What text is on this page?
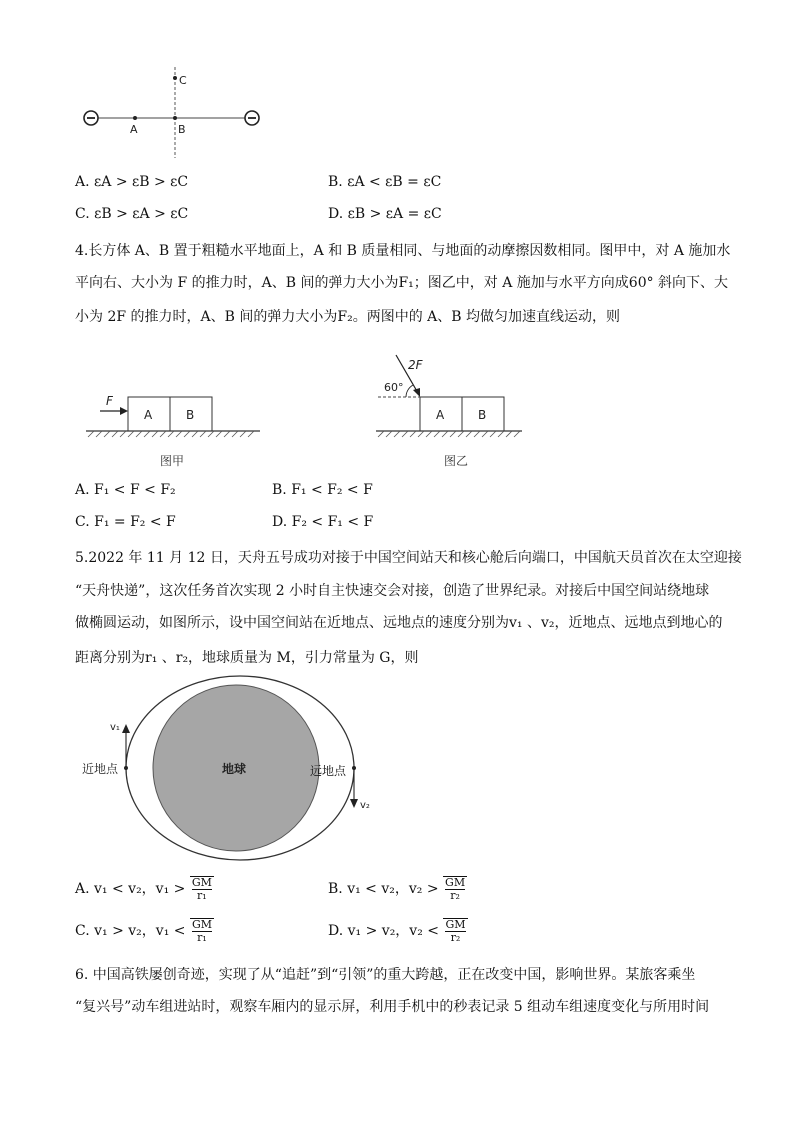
C
A	B
A. εA > εB > εC	B. εA < εB = εC
C. εB > εA > εC	D. εB > εA = εC
4.长方体 A、B 置于粗糙水平地面上，A 和 B 质量相同、与地面的动摩擦因数相同。图甲中，对 A 施加水
平向右、大小为 F 的推力时，A、B 间的弹力大小为F₁；图乙中，对 A 施加与水平方向成60° 斜向下、大
小为 2F 的推力时，A、B 间的弹力大小为F₂。两图中的 A、B 均做匀加速直线运动，则
A	B
F
图甲
A	B
2F
60°
图乙
A. F₁ < F < F₂	B. F₁ < F₂ < F
C. F₁ = F₂ < F	D. F₂ < F₁ < F
5.2022 年 11 月 12 日，天舟五号成功对接于中国空间站天和核心舱后向端口，中国航天员首次在太空迎接
“天舟快递”，这次任务首次实现 2 小时自主快速交会对接，创造了世界纪录。对接后中国空间站绕地球
做椭圆运动，如图所示，设中国空间站在近地点、远地点的速度分别为v₁ 、v₂，近地点、远地点到地心的
距离分别为r₁ 、r₂，地球质量为 M，引力常量为 G，则
地球
v₁
v₂
近地点	远地点
A. v₁ < v₂，$v_1 > \frac{GM}{\text{r₁}}$	B. v₁ < v₂，$v_2 > \frac{GM}{\text{r₂}}$
C. v₁ > v₂，$v_1 < \frac{GM}{\text{r₁}}$	D. v₁ > v₂，$v_2 < \frac{GM}{\text{r₂}}$
6. 中国高铁屡创奇迹，实现了从“追赶”到“引领”的重大跨越，正在改变中国，影响世界。某旅客乘坐
“复兴号”动车组进站时，观察车厢内的显示屏，利用手机中的秒表记录 5 组动车组速度变化与所用时间
